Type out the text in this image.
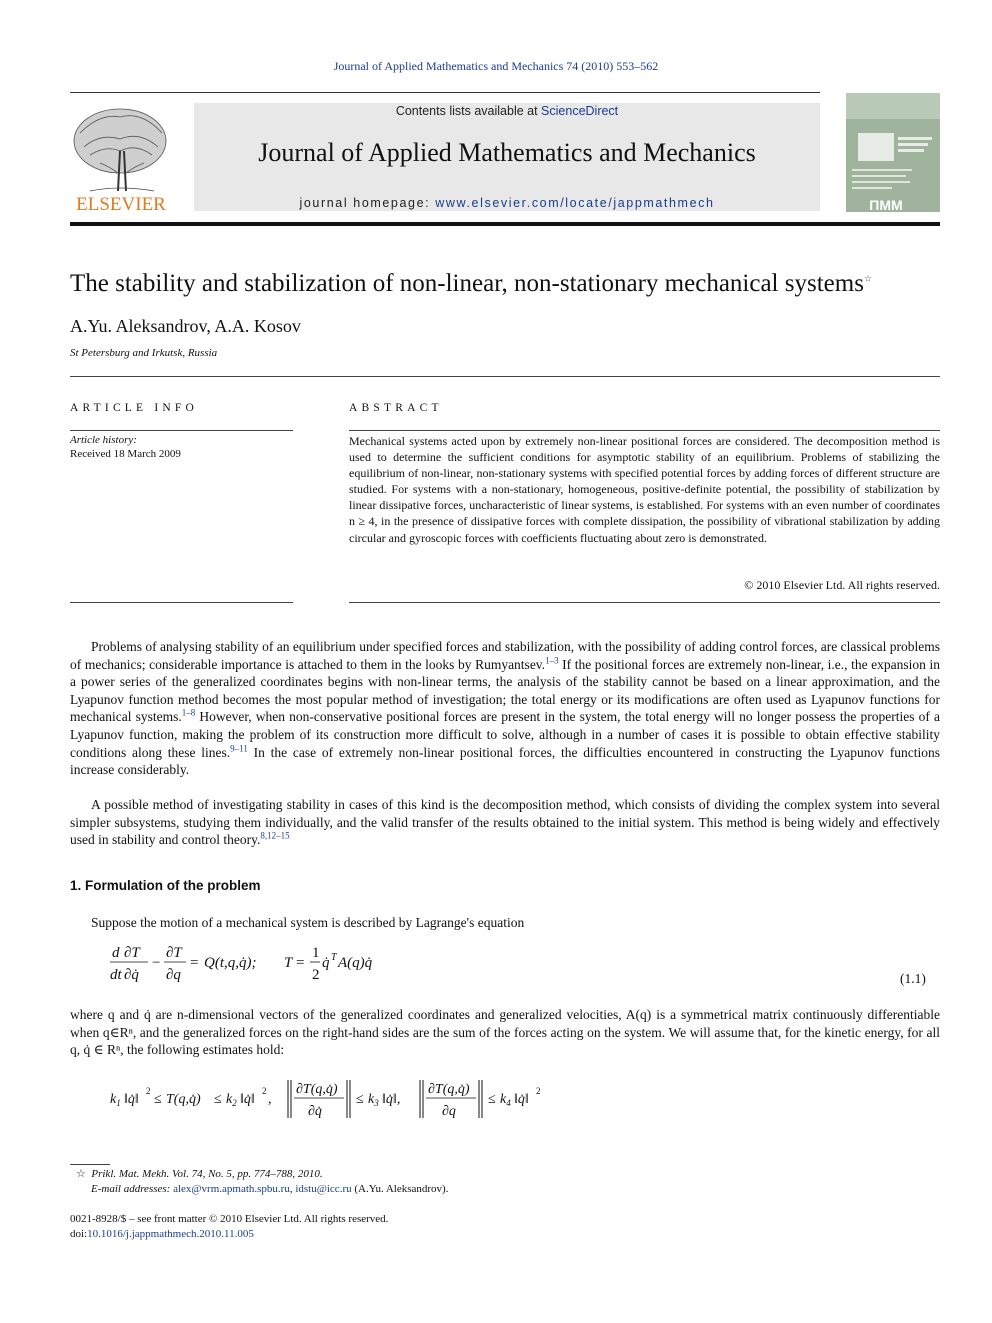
Journal of Applied Mathematics and Mechanics 74 (2010) 553–562
ELSEVIER
Contents lists available at ScienceDirect
Journal of Applied Mathematics and Mechanics
journal homepage: www.elsevier.com/locate/jappmathmech	ПММ
The stability and stabilization of non-linear, non-stationary mechanical systems☆
A.Yu. Aleksandrov, A.A. Kosov
St Petersburg and Irkutsk, Russia
ARTICLE INFO
Article history:
Received 18 March 2009
ABSTRACT
Mechanical systems acted upon by extremely non-linear positional forces are considered. The decomposition method is used to determine the sufficient conditions for asymptotic stability of an equilibrium. Problems of stabilizing the equilibrium of non-linear, non-stationary systems with specified potential forces by adding forces of different structure are studied. For systems with a non-stationary, homogeneous, positive-definite potential, the possibility of stabilization by linear dissipative forces, uncharacteristic of linear systems, is established. For systems with an even number of coordinates n ≥ 4, in the presence of dissipative forces with complete dissipation, the possibility of vibrational stabilization by adding circular and gyroscopic forces with coefficients fluctuating about zero is demonstrated.
© 2010 Elsevier Ltd. All rights reserved.
Problems of analysing stability of an equilibrium under specified forces and stabilization, with the possibility of adding control forces, are classical problems of mechanics; considerable importance is attached to them in the looks by Rumyantsev.$^{1-3}$ If the positional forces are extremely non-linear, i.e., the expansion in a power series of the generalized coordinates begins with non-linear terms, the analysis of the stability cannot be based on a linear approximation, and the Lyapunov function method becomes the most popular method of investigation; the total energy or its modifications are often used as Lyapunov functions for mechanical systems.$^{1-8}$ However, when non-conservative positional forces are present in the system, the total energy will no longer possess the properties of a Lyapunov function, making the problem of its construction more difficult to solve, although in a number of cases it is possible to obtain effective stability conditions along these lines.$^{9-11}$ In the case of extremely non-linear positional forces, the difficulties encountered in constructing the Lyapunov functions increase considerably.
A possible method of investigating stability in cases of this kind is the decomposition method, which consists of dividing the complex system into several simpler subsystems, studying them individually, and the valid transfer of the results obtained to the initial system. This method is being widely and effectively used in stability and control theory.$^{8,12-15}$
1. Formulation of the problem
Suppose the motion of a mechanical system is described by Lagrange's equation
d ∂T
dt ∂q̇
−
∂T
∂q
= Q(t,q,q̇); T =
1
2
q̇ T A(q)q̇
(1.1)
where q and q̇ are n-dimensional vectors of the generalized coordinates and generalized velocities, A(q) is a symmetrical matrix continuously differentiable when q∈Rⁿ, and the generalized forces on the right-hand sides are the sum of the forces acting on the system. We will assume that, for the kinetic energy, for all q, q̇ ∈ Rⁿ, the following estimates hold:
$k_1$ ‖q̇‖
2
≤ T(q,q̇) ≤ $k_2$ ‖q̇‖
2
,
∂T(q,q̇)
∂q̇
≤ $k_3$ ‖q̇‖,
∂T(q,q̇)
∂q
≤ $k_4$ ‖q̇‖
2
☆ Prikl. Mat. Mekh. Vol. 74, No. 5, pp. 774–788, 2010.
E-mail addresses: alex@vrm.apmath.spbu.ru, idstu@icc.ru (A.Yu. Aleksandrov).
0021-8928/$ – see front matter © 2010 Elsevier Ltd. All rights reserved.
doi:10.1016/j.jappmathmech.2010.11.005
